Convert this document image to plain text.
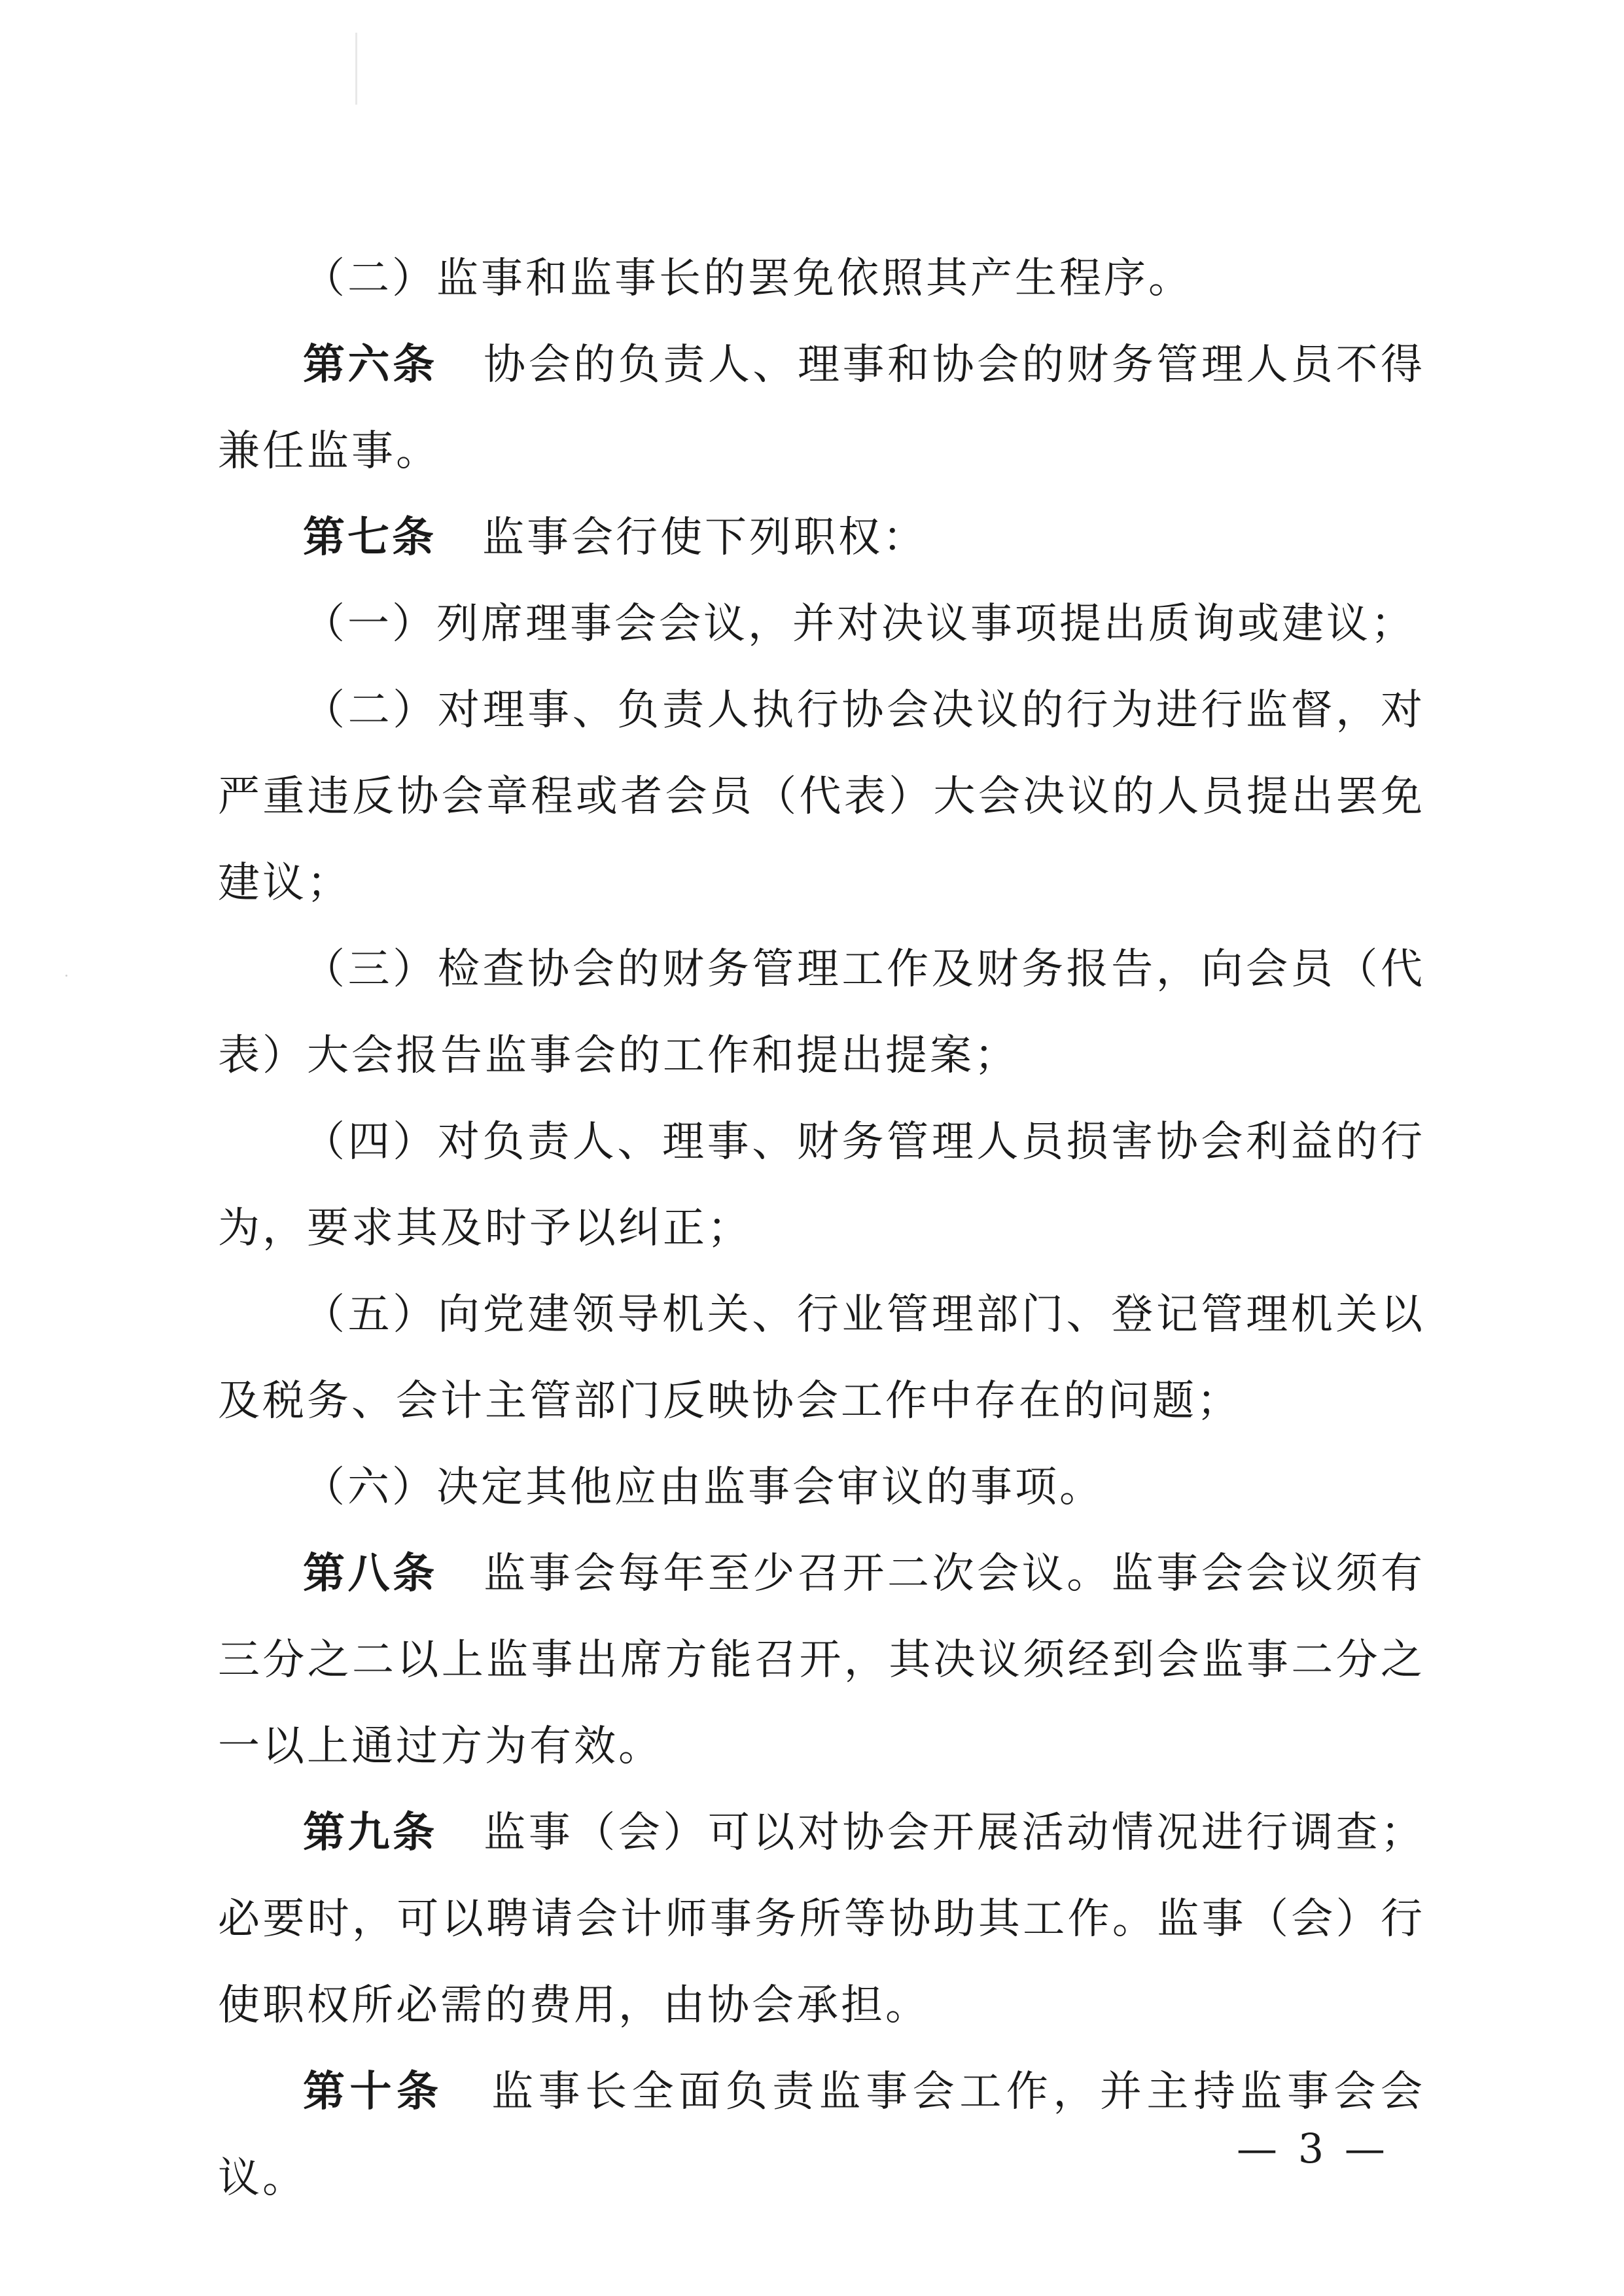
（二）监事和监事长的罢免依照其产生程序。

第六条 协会的负责人、理事和协会的财务管理人员不得兼任监事。

第七条 监事会行使下列职权：

（一）列席理事会会议，并对决议事项提出质询或建议；

（二）对理事、负责人执行协会决议的行为进行监督，对严重违反协会章程或者会员（代表）大会决议的人员提出罢免建议；

（三）检查协会的财务管理工作及财务报告，向会员（代表）大会报告监事会的工作和提出提案；

（四）对负责人、理事、财务管理人员损害协会利益的行为，要求其及时予以纠正；

（五）向党建领导机关、行业管理部门、登记管理机关以及税务、会计主管部门反映协会工作中存在的问题；

（六）决定其他应由监事会审议的事项。

第八条 监事会每年至少召开二次会议。监事会会议须有三分之二以上监事出席方能召开，其决议须经到会监事二分之一以上通过方为有效。

第九条 监事（会）可以对协会开展活动情况进行调查；必要时，可以聘请会计师事务所等协助其工作。监事（会）行使职权所必需的费用，由协会承担。

第十条 监事长全面负责监事会工作，并主持监事会会议。

— 3 —
